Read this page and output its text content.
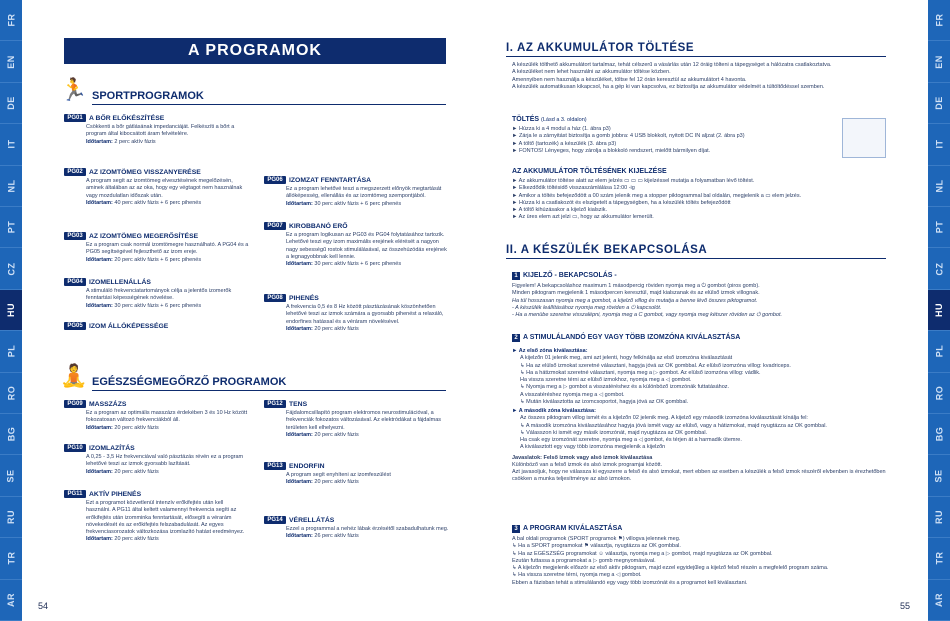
FR
EN
DE
IT
NL
PT
CZ
HU
PL
RO
BG
SE
RU
TR
AR
FR
EN
DE
IT
NL
PT
CZ
HU
PL
RO
BG
SE
RU
TR
AR
A PROGRAMOK
🏃 SPORTPROGRAMOK
🧘 EGÉSZSÉGMEGŐRZŐ PROGRAMOK
PG01 A BŐR ELŐKÉSZÍTÉSE
Csökkenti a bőr gátlásának impedanciáját. Felkészíti a bőrt a program által kibocsátott áram felvételére.
Időtartam: 2 perc aktív fázis
PG02 AZ IZOMTÖMEG VISSZANYERÉSE
A program segít az izomtömeg elvesztésének megelőzésén, aminek általában az az oka, hogy egy végtagot nem használnak vagy mozdulatlan időszak után.
Időtartam: 40 perc aktív fázis + 6 perc pihenés
PG03 AZ IZOMTÖMEG MEGERŐSÍTÉSE
Ez a program csak normál izomtömegre használható. A PG04 és a PG05 segítségével fejleszthető az izom ereje.
Időtartam: 20 perc aktív fázis + 6 perc pihenés
PG04 IZOMELLENÁLLÁS
A stimuláló frekvenciatartományok célja a jelentős izomerők fenntartási képességének növelése.
Időtartam: 30 perc aktív fázis + 6 perc pihenés
PG05 IZOM ÁLLÓKÉPESSÉGE
PG06 IZOMZAT FENNTARTÁSA
Ez a program lehetővé teszi a megszerzett előnyök megtartását állóképesség, ellenállás és az izomtömeg szempontjából.
Időtartam: 30 perc aktív fázis + 6 perc pihenés
PG07 KIROBBANÓ ERŐ
Ez a program logikusan az PG03 és PG04 folytatásához tartozik. Lehetővé teszi egy izom maximális erejének elérését a nagyon nagy sebességű rostok stimulálásával, az összehúzódás erejének a legnagyobbnak kell lennie.
Időtartam: 30 perc aktív fázis + 6 perc pihenés
PG08 PIHENÉS
A frekvencia 0,5 és 8 Hz között pásztázásának köszönhetően lehetővé teszi az izmok számára a gyorsabb pihenést a relaxáló, endorfines hatással és a véráram növelésével.
Időtartam: 20 perc aktív fázis
PG09 MASSZÁZS
Ez a program az optimális masszázs érdekében 3 és 10 Hz között fokozatosan változó frekvenciákból áll.
Időtartam: 20 perc aktív fázis
PG10 IZOMLAZÍTÁS
A 0,25 - 3,5 Hz frekvenciával való pásztázás révén ez a program lehetővé teszi az izmok gyorsabb lazítását.
Időtartam: 20 perc aktív fázis
PG11 AKTÍV PIHENÉS
Ezt a programot közvetlenül intenzív erőkifejtés után kell használni. A PG11 által keltett valamennyi frekvencia segíti az erőkifejtés után izomminka fenntartását, elősegíti a vérarám növekedését és az erőkifejtés felszabadulását. Az egyes frekvenciasorozatok változkozása izomlazító hatást eredményez.
Időtartam: 20 perc aktív fázis
PG12 TENS
Fájdalomcsillapító program elektromos neurostimulációval, a frekvenciák fokozatos változásával. Az elektródákat a fájdalmas területen kell elhelyezni.
Időtartam: 20 perc aktív fázis
PG13 ENDORFIN
A program segít enyhíteni az izomfeszülést
Időtartam: 20 perc aktív fázis
PG14 VÉRELLÁTÁS
Ezzel a programmal a nehéz lábak érzésétől szabadulhatunk meg.
Időtartam: 26 perc aktív fázis
54	55
I. AZ AKKUMULÁTOR TÖLTÉSE
A készülék tölthető akkumulátort tartalmaz, tehát célszerű a vásárlás után 12 óráig tölteni a tápegységet a hálózatra csatlakoztatva.
A készüléket nem lehet használni az akkumulátor töltése közben.
Amennyiben nem használja a készüléket, töltse fel 12 órán keresztül az akkumulátort 4 havonta.
A készülék automatikusan kikapcsol, ha a gép ki van kapcsolva, ez biztosítja az akkumulátor védelmét a túltöltődéssel szemben.
TÖLTÉS (Lásd a 3. oldalon)
► Húzza ki a 4 modul a ház (1. ábra p3)
► Zárja le a zárnyitást biztosítja a gomb jobbra: 4 USB blokkolt, nyitott DC IN aljzat (2. ábra p3)
► A töltő (tartozék) a készülék (3. ábra p3)
► FONTOS! Lényeges, hogy zárolja a blokkoló rendszert, mielőtt bármilyen díjat.
AZ AKKUMULÁTOR TÖLTÉSÉNEK KIJELZÉSE
► Az akkumulátor töltése alatt az elem jelzés ▭ ▭ ▭ kijelzéssel mutatja a folyamatban lévő töltést.
► Elkezdődik töltésidő visszaszámlálása 12:00 -ig
► Amikor a töltés befejeződött a 00 szám jelenik meg a stopper piktogrammal bal oldalán, megjelenik a ▭ elem jelzés.
► Húzza ki a csatlakozót és elszigetelt a tápegységben, ha a készülék töltés befejeződött
► A töltő kihúzásakor a kijelző kialszik.
► Az üres elem azt jelzi ▭, hogy az akkumulátor lemerült.
II. A KÉSZÜLÉK BEKAPCSOLÁSA
1 KIJELZŐ - BEKAPCSOLÁS -
Figyelem! A bekapcsoláshoz maximum 1 másodpercig röviden nyomja meg a ⏻ gombot (piros gomb).
Minden piktogram megjelenik 1 másodpercen keresztül, majd kialszanak és az elülső izmok villognak.
Ha túl hosszasan nyomja meg a gombot, a kijelző villog és mutatja a benne lévő összes piktogramot.
- A készülék leállításához nyomja meg röviden a ⏻ kapcsolót.
- Ha a menübe szeretne visszalépni, nyomja meg a C gombot, vagy nyomja meg kétszer röviden az ⏻ gombot.
2 A STIMULÁLANDÓ EGY VAGY TÖBB IZOMZÓNA KIVÁLASZTÁSA
► Az első zóna kiválasztása:
A kijelzőn 01 jelenik meg, ami azt jelenti, hogy felkínálja az első izomzóna kiválasztását
↳ Ha az elülső izmokat szeretné választani, hagyja jóvá az OK gombbal. Az elülső izomzóna villog: kvadriceps.
↳ Ha a hátizmokat szeretné választani, nyomja meg a ▷ gombot. Az elülső izomzóna villog: vádlik.
Ha vissza szeretne térni az elülső izmokhoz, nyomja meg a ◁ gombot.
↳ Nyomja meg a ▷ gombot a visszatéréshez és a különböző izomzónák futtatásához.
A visszatéréshez nyomja meg a ◁ gombot.
↳ Mután kiválasztotta az izomcsoportot, hagyja jóvá az OK gombbal.
► A második zóna kiválasztása:
Az összes piktogram villog ismét és a kijelzőn 02 jelenik meg. A kijelző egy második izomzóna kiválasztását kínálja fel:
↳ A második izomzóna kiválasztásához hagyja jóvá ismét vagy az elülső, vagy a hátizmokat, majd nyugtázza az OK gombbal.
↳ Válasszon ki ismét egy másik izomzónát, majd nyugtázza az OK gombbal.
Ha csak egy izomzónát szeretne, nyomja meg a ◁ gombot, és térjen át a harmadik ütemre.
A kiválasztott egy vagy több izomzóna megjelenik a kijelzőn
Javaslatok: Felső izmok vagy alsó izmok kiválasztása
Különböző van a felső izmok és alsó izmok programjai között.
Azt javasoljuk, hogy ne válassza ki egyszerre a felső és alsó izmokat, mert ebben az esetben a készülék a felső izmok részéről elvbenben is érezhetőben csökken a munka teljesítménye az alsó izmokon.
3 A PROGRAM KIVÁLASZTÁSA
A bal oldali programok (SPORT programok ⚑) villogva jelennek meg.
↳ Ha a SPORT programokat ⚑ választja, nyugtázza az OK gombbal.
↳ Ha az EGÉSZSÉG programokat ☺ választja, nyomja meg a ▷ gombot, majd nyugtázza az OK gombbal.
Ezután futtassa a programokat a ▷ gomb megnyomásával.
↳ A kijelzőn megjelenik először az első aktív piktogram, majd ezzel egyidejűleg a kijelző felső részén a megfelelő program száma.
↳ Ha vissza szeretne térni, nyomja meg a ◁ gombot.
Ebben a fázisban tehát a stimulálandó egy vagy több izomzónát és a programot kell kiválasztani.
